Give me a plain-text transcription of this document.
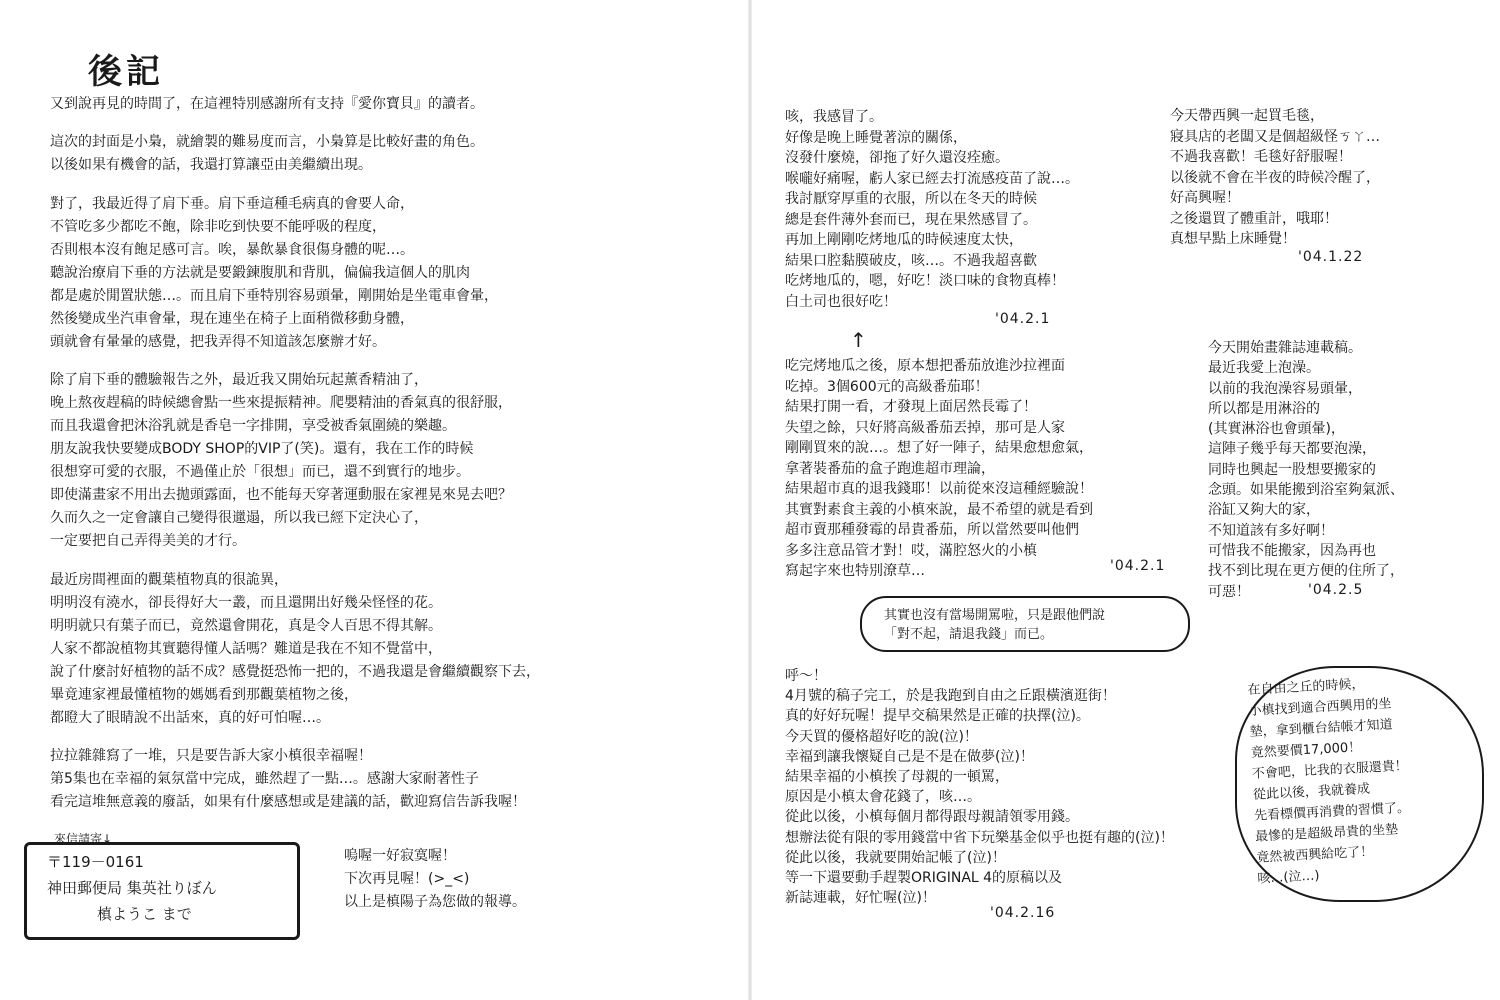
後記
又到說再見的時間了，在這裡特別感謝所有支持『愛你寶貝』的讀者。
這次的封面是小梟，就繪製的難易度而言，小梟算是比較好畫的角色。
以後如果有機會的話，我還打算讓亞由美繼續出現。
對了，我最近得了肩下垂。肩下垂這種毛病真的會要人命，
不管吃多少都吃不飽，除非吃到快要不能呼吸的程度，
否則根本沒有飽足感可言。唉，暴飲暴食很傷身體的呢…。
聽說治療肩下垂的方法就是要鍛鍊腹肌和背肌，偏偏我這個人的肌肉
都是處於閒置狀態…。而且肩下垂特別容易頭暈，剛開始是坐電車會暈，
然後變成坐汽車會暈，現在連坐在椅子上面稍微移動身體，
頭就會有暈暈的感覺，把我弄得不知道該怎麼辦才好。
除了肩下垂的體驗報告之外，最近我又開始玩起薰香精油了，
晚上熬夜趕稿的時候總會點一些來提振精神。爬嬰精油的香氣真的很舒服，
而且我還會把沐浴乳就是香皂一字排開，享受被香氣圍繞的樂趣。
朋友說我快要變成BODY SHOP的VIP了(笑)。還有，我在工作的時候
很想穿可愛的衣服，不過僅止於「很想」而已，還不到實行的地步。
即使滿畫家不用出去拋頭露面，也不能每天穿著運動服在家裡晃來晃去吧？
久而久之一定會讓自己變得很邋遢，所以我已經下定決心了，
一定要把自己弄得美美的才行。
最近房間裡面的觀葉植物真的很詭異，
明明沒有澆水，卻長得好大一叢，而且還開出好幾朵怪怪的花。
明明就只有葉子而已，竟然還會開花，真是令人百思不得其解。
人家不都說植物其實聽得懂人話嗎？難道是我在不知不覺當中，
說了什麼討好植物的話不成？感覺挺恐怖一把的，不過我還是會繼續觀察下去，
畢竟連家裡最懂植物的媽媽看到那觀葉植物之後，
都瞪大了眼睛說不出話來，真的好可怕喔…。
拉拉雜雜寫了一堆，只是要告訴大家小槙很幸福喔！
第5集也在幸福的氣氛當中完成，雖然趕了一點…。感謝大家耐著性子
看完這堆無意義的廢話，如果有什麼感想或是建議的話，歡迎寫信告訴我喔！
來信請寄↓
〒119－0161
神田郵便局 集英社りぼん
槙ようこ まで
嗚喔一好寂寞喔！
下次再見喔！(>_<)
以上是槙陽子為您做的報導。
咳，我感冒了。
好像是晚上睡覺著涼的關係，
沒發什麼燒，卻拖了好久還沒痊癒。
喉嚨好痛喔，虧人家已經去打流感疫苗了說…。
我討厭穿厚重的衣服，所以在冬天的時候
總是套件薄外套而已，現在果然感冒了。
再加上剛剛吃烤地瓜的時候速度太快，
結果口腔黏膜破皮，咳…。不過我超喜歡
吃烤地瓜的，嗯，好吃！淡口味的食物真棒！
白土司也很好吃！
'04.2.1
↑
吃完烤地瓜之後，原本想把番茄放進沙拉裡面
吃掉。3個600元的高級番茄耶！
結果打開一看，才發現上面居然長霉了！
失望之餘，只好將高級番茄丟掉，那可是人家
剛剛買來的說…。想了好一陣子，結果愈想愈氣，
拿著裝番茄的盒子跑進超市理論，
結果超市真的退我錢耶！以前從來沒這種經驗說！
其實對素食主義的小槙來說，最不希望的就是看到
超市賣那種發霉的昂貴番茄，所以當然要叫他們
多多注意品管才對！哎，滿腔怒火的小槙
寫起字來也特別潦草…	'04.2.1
其實也沒有當場開罵啦，只是跟他們說
「對不起，請退我錢」而已。
今天帶西興一起買毛毯，
寢具店的老闆又是個超級怪ㄎㄚ…
不過我喜歡！毛毯好舒服喔！
以後就不會在半夜的時候冷醒了，
好高興喔！
之後還買了體重計，哦耶！
真想早點上床睡覺！
'04.1.22
今天開始畫雜誌連載稿。
最近我愛上泡澡。
以前的我泡澡容易頭暈，
所以都是用淋浴的
(其實淋浴也會頭暈)，
這陣子幾乎每天都要泡澡，
同時也興起一股想要搬家的
念頭。如果能搬到浴室夠氣派、
浴缸又夠大的家，
不知道該有多好啊！
可惜我不能搬家，因為再也
找不到比現在更方便的住所了，
可惡！	'04.2.5
呼～！
4月號的稿子完工，於是我跑到自由之丘跟橫濱逛街！
真的好好玩喔！提早交稿果然是正確的抉擇(泣)。
今天買的優格超好吃的說(泣)！
幸福到讓我懷疑自己是不是在做夢(泣)！
結果幸福的小槙挨了母親的一頓罵，
原因是小槙太會花錢了，咳…。
從此以後，小槙每個月都得跟母親請領零用錢。
想辦法從有限的零用錢當中省下玩樂基金似乎也挺有趣的(泣)！
從此以後，我就要開始記帳了(泣)！
等一下還要動手趕製ORIGINAL 4的原稿以及
新誌連載，好忙喔(泣)！
'04.2.16
在自由之丘的時候，
小槙找到適合西興用的坐
墊，拿到櫃台結帳才知道
竟然要價17,000！
不會吧，比我的衣服還貴！
從此以後，我就養成
先看標價再消費的習慣了。
最慘的是超級昂貴的坐墊
竟然被西興給吃了！
咳…(泣…)
